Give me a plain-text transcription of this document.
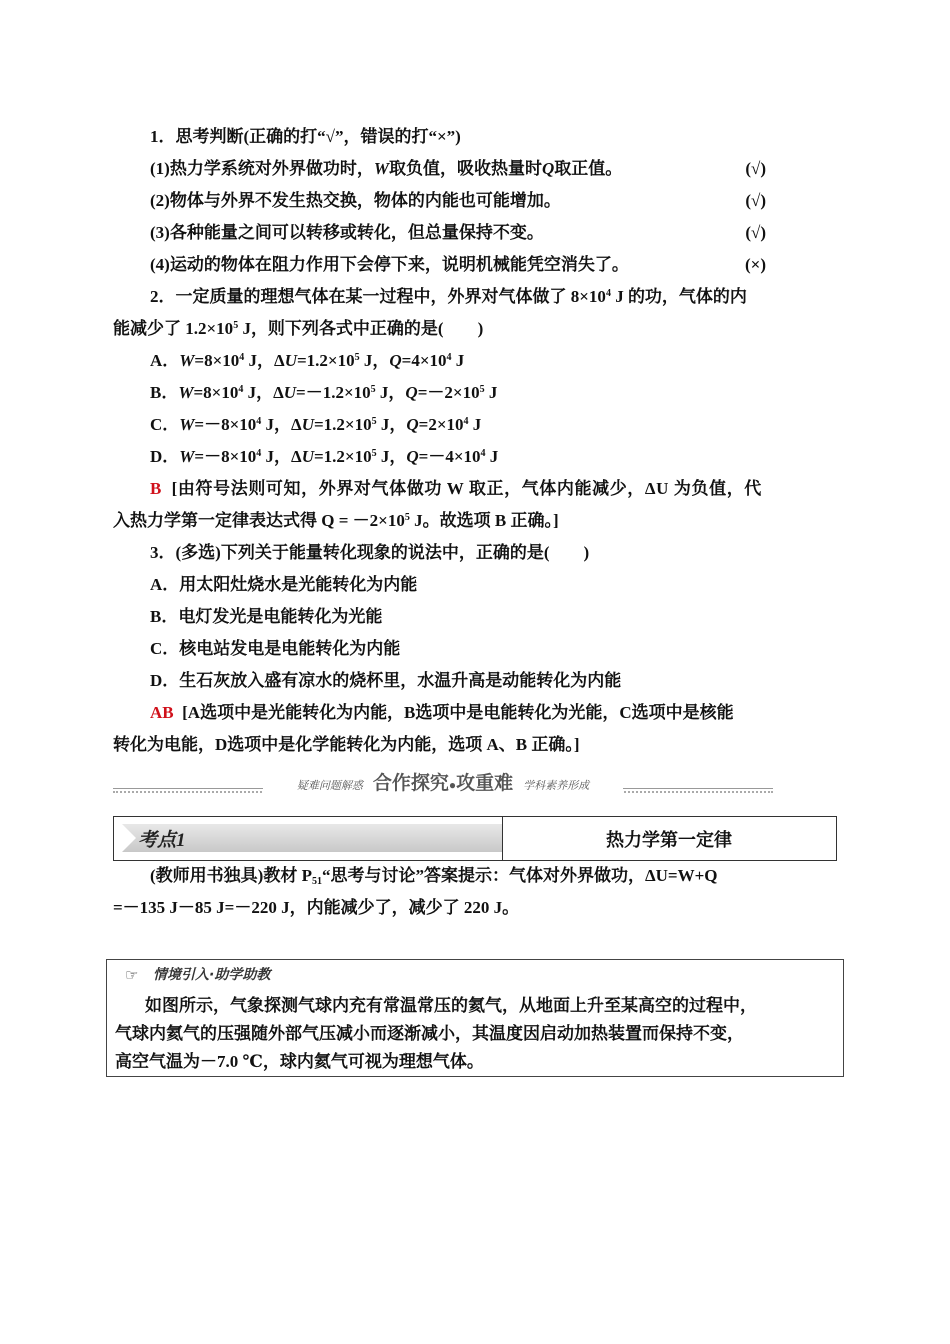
1．思考判断(正确的打“√”，错误的打“×”)
(1)热力学系统对外界做功时，W取负值，吸收热量时Q取正值。	(√)
(2)物体与外界不发生热交换，物体的内能也可能增加。	(√)
(3)各种能量之间可以转移或转化，但总量保持不变。	(√)
(4)运动的物体在阻力作用下会停下来，说明机械能凭空消失了。	(×)
2．一定质量的理想气体在某一过程中，外界对气体做了 $8\times 10^4$ J 的功，气体的内
能减少了 $1.2\times 10^5$ J，则下列各式中正确的是(　　)
A．$W=8\times 10^4$ J，$\Delta U=1.2\times 10^5$ J，$Q=4\times 10^4$ J
B．$W=8\times 10^4$ J，$\Delta U=-1.2\times 10^5$ J，$Q=-2\times 10^5$ J
C．$W=-8\times 10^4$ J，$\Delta U=1.2\times 10^5$ J，$Q=2\times 10^4$ J
D．$W=-8\times 10^4$ J，$\Delta U=1.2\times 10^5$ J，$Q=-4\times 10^4$ J
B [由符号法则可知，外界对气体做功 W 取正，气体内能减少，ΔU 为负值，代
入热力学第一定律表达式得 $Q = -2\times 10^5$ J。故选项 B 正确。]
3．(多选)下列关于能量转化现象的说法中，正确的是(　　)
A．用太阳灶烧水是光能转化为内能
B．电灯发光是电能转化为光能
C．核电站发电是电能转化为内能
D．生石灰放入盛有凉水的烧杯里，水温升高是动能转化为内能
AB [A选项中是光能转化为内能，B选项中是电能转化为光能，C选项中是核能
转化为电能，D选项中是化学能转化为内能，选项 A、B 正确。]
疑难问题解惑 合作探究●攻重难 学科素养形成
考点1	热力学第一定律
(教师用书独具)教材 $P_{51}“$思考与讨论”答案提示：气体对外界做功，ΔU=W+Q
=－135 J－85 J=－220 J，内能减少了，减少了 220 J。
☞ 情境引入·助学助教
如图所示，气象探测气球内充有常温常压的氦气，从地面上升至某高空的过程中，
气球内氦气的压强随外部气压减小而逐渐减小，其温度因启动加热装置而保持不变，
高空气温为－7.0 ℃，球内氦气可视为理想气体。
